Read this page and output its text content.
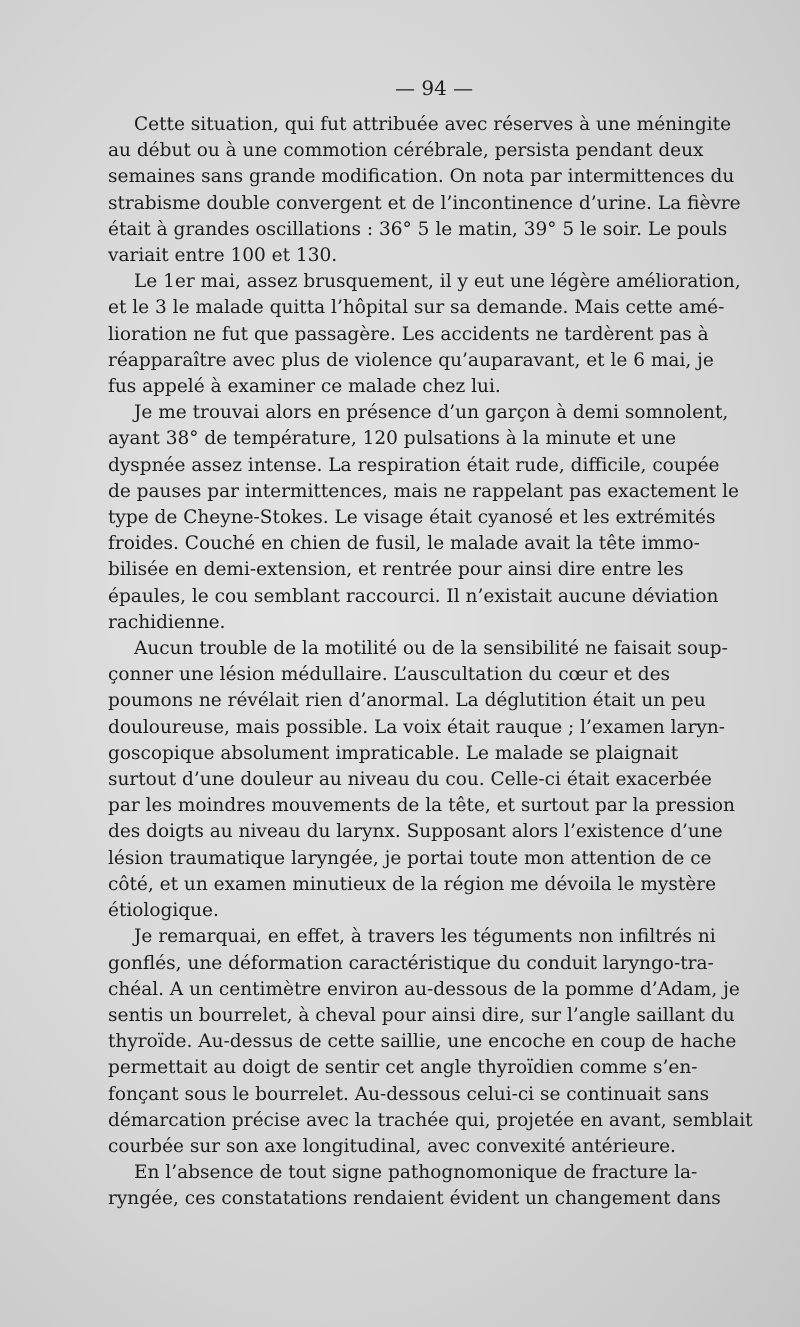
— 94 —

Cette situation, qui fut attribuée avec réserves à une méningite
au début ou à une commotion cérébrale, persista pendant deux
semaines sans grande modification. On nota par intermittences du
strabisme double convergent et de l’incontinence d’urine. La fièvre
était à grandes oscillations : 36° 5 le matin, 39° 5 le soir. Le pouls
variait entre 100 et 130.

Le 1er mai, assez brusquement, il y eut une légère amélioration,
et le 3 le malade quitta l’hôpital sur sa demande. Mais cette amé-
lioration ne fut que passagère. Les accidents ne tardèrent pas à
réapparaître avec plus de violence qu’auparavant, et le 6 mai, je
fus appelé à examiner ce malade chez lui.

Je me trouvai alors en présence d’un garçon à demi somnolent,
ayant 38° de température, 120 pulsations à la minute et une
dyspnée assez intense. La respiration était rude, difficile, coupée
de pauses par intermittences, mais ne rappelant pas exactement le
type de Cheyne-Stokes. Le visage était cyanosé et les extrémités
froides. Couché en chien de fusil, le malade avait la tête immo-
bilisée en demi-extension, et rentrée pour ainsi dire entre les
épaules, le cou semblant raccourci. Il n’existait aucune déviation
rachidienne.

Aucun trouble de la motilité ou de la sensibilité ne faisait soup-
çonner une lésion médullaire. L’auscultation du cœur et des
poumons ne révélait rien d’anormal. La déglutition était un peu
douloureuse, mais possible. La voix était rauque ; l’examen laryn-
goscopique absolument impraticable. Le malade se plaignait
surtout d’une douleur au niveau du cou. Celle-ci était exacerbée
par les moindres mouvements de la tête, et surtout par la pression
des doigts au niveau du larynx. Supposant alors l’existence d’une
lésion traumatique laryngée, je portai toute mon attention de ce
côté, et un examen minutieux de la région me dévoila le mystère
étiologique.

Je remarquai, en effet, à travers les téguments non infiltrés ni
gonflés, une déformation caractéristique du conduit laryngo-tra-
chéal. A un centimètre environ au-dessous de la pomme d’Adam, je
sentis un bourrelet, à cheval pour ainsi dire, sur l’angle saillant du
thyroïde. Au-dessus de cette saillie, une encoche en coup de hache
permettait au doigt de sentir cet angle thyroïdien comme s’en-
fonçant sous le bourrelet. Au-dessous celui-ci se continuait sans
démarcation précise avec la trachée qui, projetée en avant, semblait
courbée sur son axe longitudinal, avec convexité antérieure.

En l’absence de tout signe pathognomonique de fracture la-
ryngée, ces constatations rendaient évident un changement dans
